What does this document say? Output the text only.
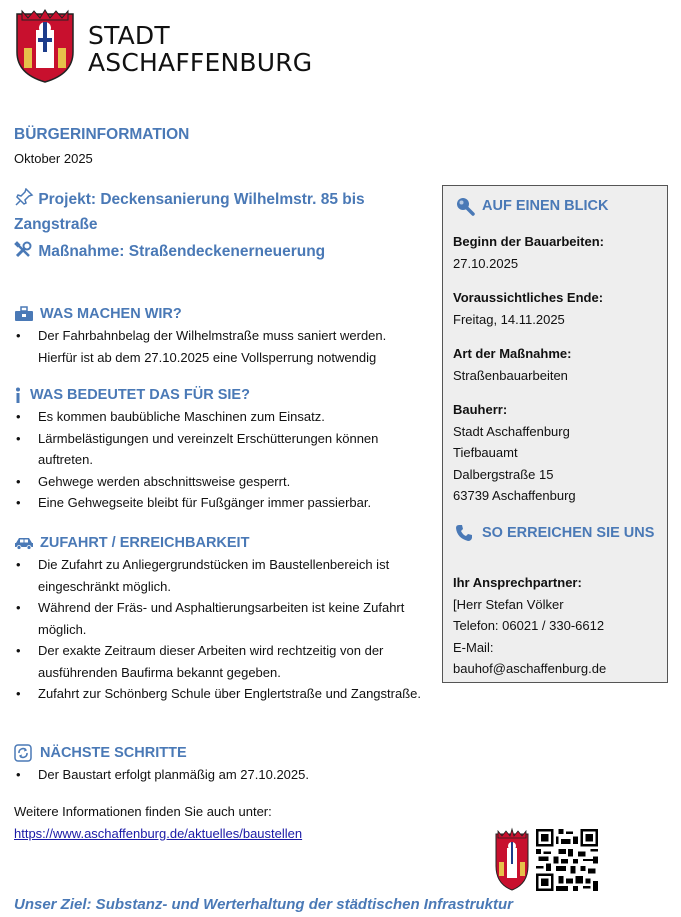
STADT
ASCHAFFENBURG
BÜRGERINFORMATION
Oktober 2025
Projekt: Deckensanierung Wilhelmstr. 85 bis Zangstraße
Maßnahme: Straßendeckenerneuerung
WAS MACHEN WIR?
• Der Fahrbahnbelag der Wilhelmstraße muss saniert werden. Hierfür ist ab dem 27.10.2025 eine Vollsperrung notwendig
WAS BEDEUTET DAS FÜR SIE?
• Es kommen baubübliche Maschinen zum Einsatz.
• Lärmbelästigungen und vereinzelt Erschütterungen können auftreten.
• Gehwege werden abschnittsweise gesperrt.
• Eine Gehwegseite bleibt für Fußgänger immer passierbar.
ZUFAHRT / ERREICHBARKEIT
• Die Zufahrt zu Anliegergrundstücken im Baustellenbereich ist eingeschränkt möglich.
• Während der Fräs- und Asphaltierungsarbeiten ist keine Zufahrt möglich.
• Der exakte Zeitraum dieser Arbeiten wird rechtzeitig von der ausführenden Baufirma bekannt gegeben.
• Zufahrt zur Schönberg Schule über Englertstraße und Zangstraße.
NÄCHSTE SCHRITTE
• Der Baustart erfolgt planmäßig am 27.10.2025.
Weitere Informationen finden Sie auch unter:
https://www.aschaffenburg.de/aktuelles/baustellen
AUF EINEN BLICK
Beginn der Bauarbeiten:
27.10.2025
Voraussichtliches Ende:
Freitag, 14.11.2025
Art der Maßnahme:
Straßenbauarbeiten
Bauherr:
Stadt Aschaffenburg
Tiefbauamt
Dalbergstraße 15
63739 Aschaffenburg
SO ERREICHEN SIE UNS
Ihr Ansprechpartner:
[Herr Stefan Völker
Telefon: 06021 / 330-6612
E-Mail:
bauhof@aschaffenburg.de
Unser Ziel: Substanz- und Werterhaltung der städtischen Infrastruktur
